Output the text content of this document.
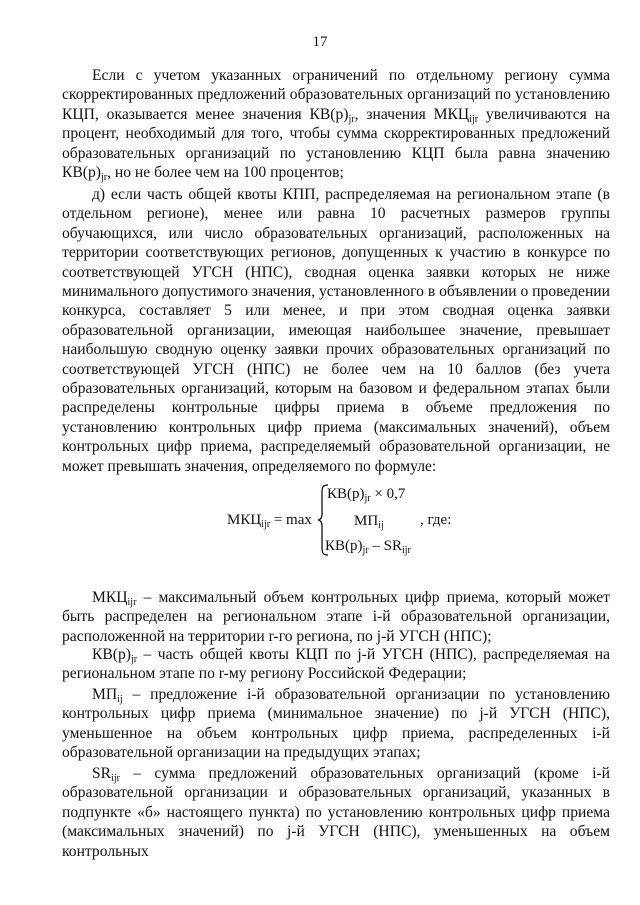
17

Если с учетом указанных ограничений по отдельному региону сумма скорректированных предложений образовательных организаций по установлению КЦП, оказывается менее значения $КВ(р)_{jr}$, значения $МКЦ_{ijr}$ увеличиваются на процент, необходимый для того, чтобы сумма скорректированных предложений образовательных организаций по установлению КЦП была равна значению $КВ(р)_{jr}$, но не более чем на 100 процентов;

д) если часть общей квоты КПП, распределяемая на региональном этапе (в отдельном регионе), менее или равна 10 расчетных размеров группы обучающихся, или число образовательных организаций, расположенных на территории соответствующих регионов, допущенных к участию в конкурсе по соответствующей УГСН (НПС), сводная оценка заявки которых не ниже минимального допустимого значения, установленного в объявлении о проведении конкурса, составляет 5 или менее, и при этом сводная оценка заявки образовательной организации, имеющая наибольшее значение, превышает наибольшую сводную оценку заявки прочих образовательных организаций по соответствующей УГСН (НПС) не более чем на 10 баллов (без учета образовательных организаций, которым на базовом и федеральном этапах были распределены контрольные цифры приема в объеме предложения по установлению контрольных цифр приема (максимальных значений), объем контрольных цифр приема, распределяемый образовательной организации, не может превышать значения, определяемого по формуле:

$МКЦ_{ijr} = \max$
$КВ(р)_{jr} \times 0,7$
$МП_{ij}$
$КВ(р)_{jr} - SR_{ijr}$
, где:

$МКЦ_{ijr}$ – максимальный объем контрольных цифр приема, который может быть распределен на региональном этапе i-й образовательной организации, расположенной на территории r-го региона, по j-й УГСН (НПС);

$КВ(р)_{jr}$ – часть общей квоты КЦП по j-й УГСН (НПС), распределяемая на региональном этапе по r-му региону Российской Федерации;

$МП_{ij}$ – предложение i-й образовательной организации по установлению контрольных цифр приема (минимальное значение) по j-й УГСН (НПС), уменьшенное на объем контрольных цифр приема, распределенных i-й образовательной организации на предыдущих этапах;

$SR_{ijr}$ – сумма предложений образовательных организаций (кроме i-й образовательной организации и образовательных организаций, указанных в подпункте «б» настоящего пункта) по установлению контрольных цифр приема (максимальных значений) по j-й УГСН (НПС), уменьшенных на объем контрольных
